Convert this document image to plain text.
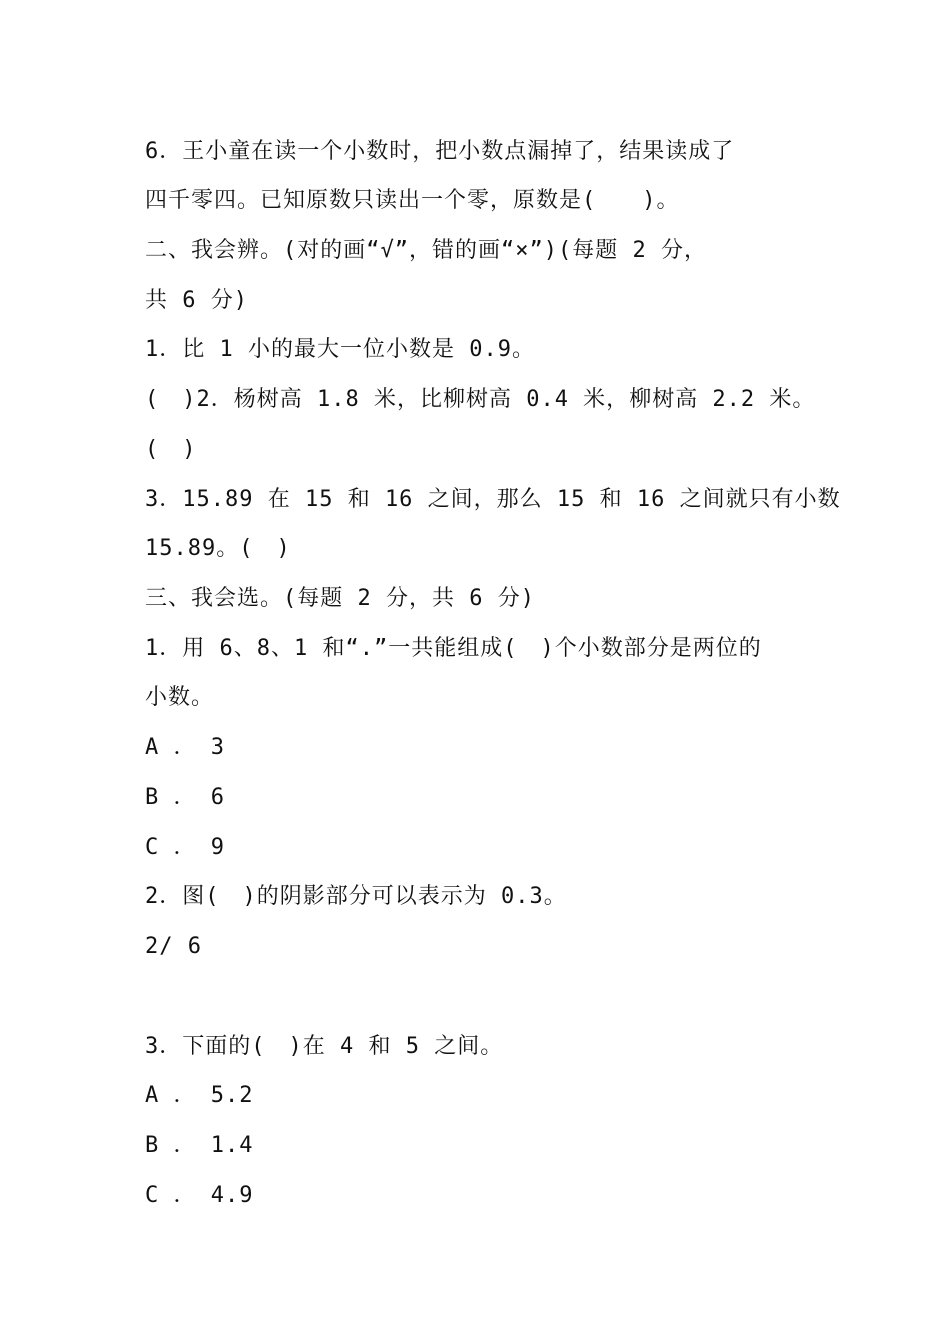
6．王小童在读一个小数时，把小数点漏掉了，结果读成了
四千零四。已知原数只读出一个零，原数是(　　)。
二、我会辨。(对的画“√”，错的画“×”)(每题 2 分，
共 6 分)
1．比 1 小的最大一位小数是 0.9。
(　)2．杨树高 1.8 米，比柳树高 0.4 米，柳树高 2.2 米。
(　)
3．15.89 在 15 和 16 之间，那么 15 和 16 之间就只有小数
15.89。(　)
三、我会选。(每题 2 分，共 6 分)
1．用 6、8、1 和“.”一共能组成(　)个小数部分是两位的
小数。
A ． 3
B ． 6
C ． 9
2．图(　)的阴影部分可以表示为 0.3。
2/ 6
3．下面的(　)在 4 和 5 之间。
A ． 5.2
B ． 1.4
C ． 4.9
